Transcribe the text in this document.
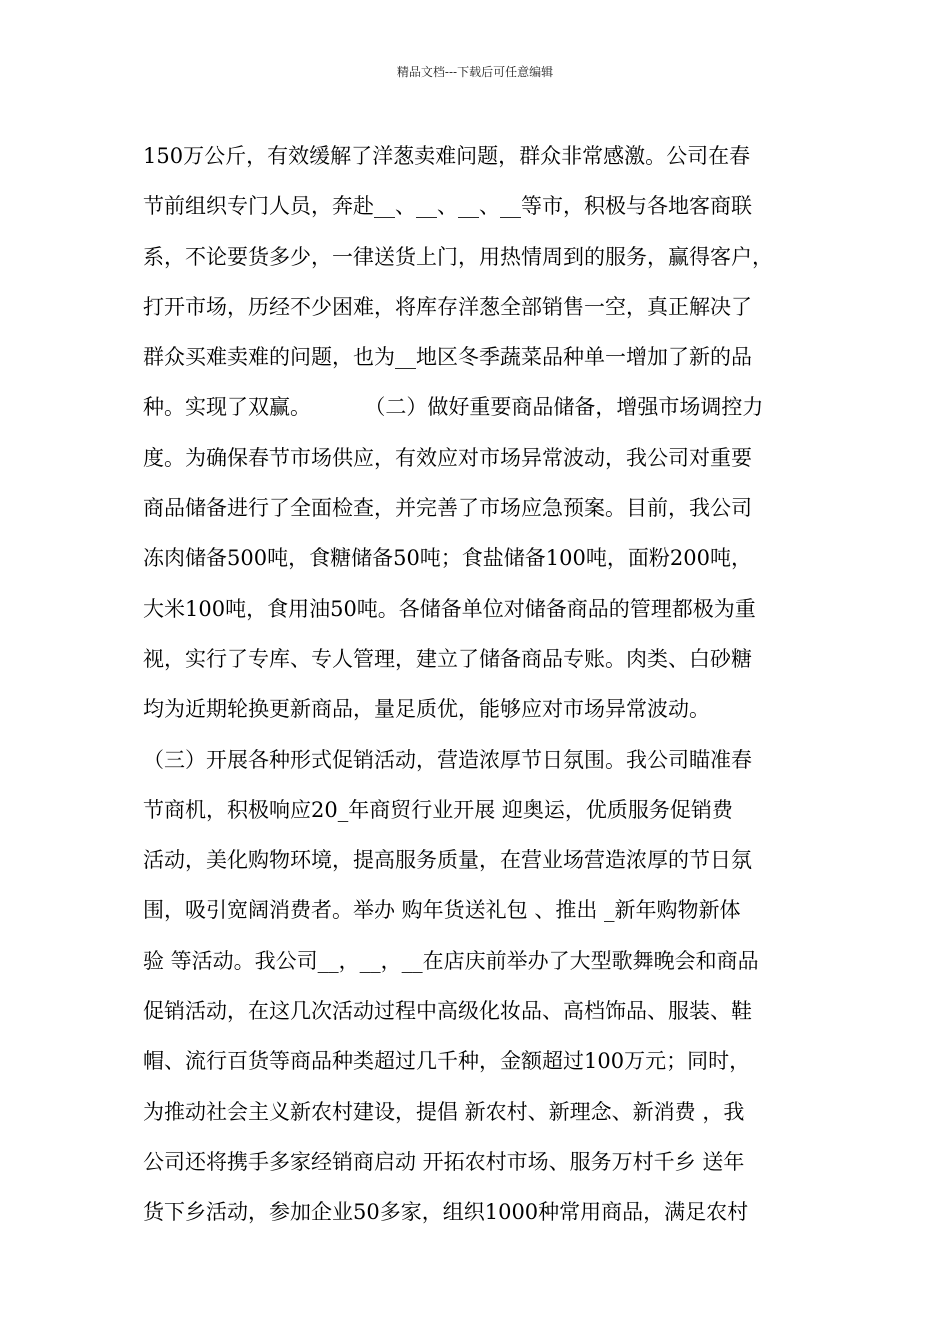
精品文档---下载后可任意编辑
150万公斤，有效缓解了洋葱卖难问题，群众非常感激。公司在春
节前组织专门人员，奔赴__、__、__、__等市，积极与各地客商联
系，不论要货多少，一律送货上门，用热情周到的服务，赢得客户，
打开市场，历经不少困难，将库存洋葱全部销售一空，真正解决了
群众买难卖难的问题，也为__地区冬季蔬菜品种单一增加了新的品
种。实现了双赢。        （二）做好重要商品储备，增强市场调控力
度。为确保春节市场供应，有效应对市场异常波动，我公司对重要
商品储备进行了全面检查，并完善了市场应急预案。目前，我公司
冻肉储备500吨，食糖储备50吨；食盐储备100吨，面粉200吨，
大米100吨，食用油50吨。各储备单位对储备商品的管理都极为重
视，实行了专库、专人管理，建立了储备商品专账。肉类、白砂糖
均为近期轮换更新商品，量足质优，能够应对市场异常波动。
（三）开展各种形式促销活动，营造浓厚节日氛围。我公司瞄准春
节商机，积极响应20_年商贸行业开展 迎奥运，优质服务促销费
活动，美化购物环境，提高服务质量，在营业场营造浓厚的节日氛
围，吸引宽阔消费者。举办 购年货送礼包 、推出 _新年购物新体
验 等活动。我公司__，__，__在店庆前举办了大型歌舞晚会和商品
促销活动，在这几次活动过程中高级化妆品、高档饰品、服装、鞋
帽、流行百货等商品种类超过几千种，金额超过100万元；同时，
为推动社会主义新农村建设，提倡 新农村、新理念、新消费 ，我
公司还将携手多家经销商启动 开拓农村市场、服务万村千乡 送年
货下乡活动，参加企业50多家，组织1000种常用商品，满足农村
